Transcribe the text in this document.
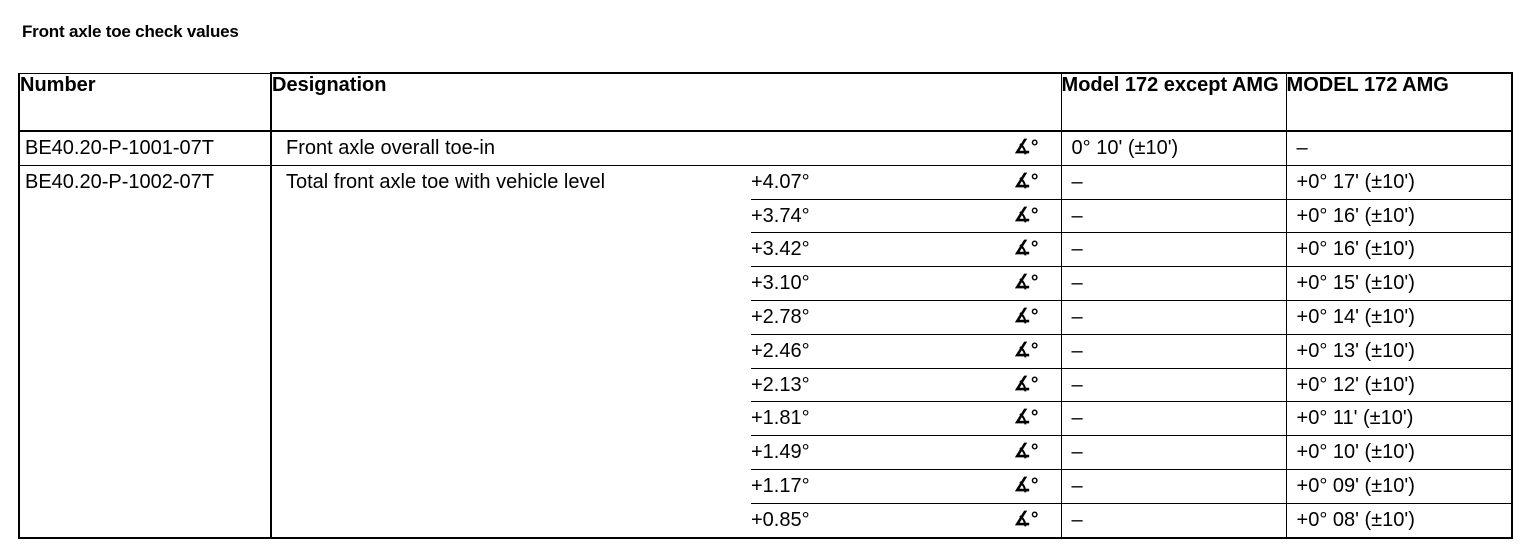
Front axle toe check values
Number	Designation			Model 172 except AMG	MODEL 172 AMG
BE40.20-P-1001-07T	Front axle overall toe-in		∡°	0° 10' (±10')	–
BE40.20-P-1002-07T	Total front axle toe with vehicle level	+4.07°	∡°	–	+0° 17' (±10')
		+3.74°	∡°	–	+0° 16' (±10')
		+3.42°	∡°	–	+0° 16' (±10')
		+3.10°	∡°	–	+0° 15' (±10')
		+2.78°	∡°	–	+0° 14' (±10')
		+2.46°	∡°	–	+0° 13' (±10')
		+2.13°	∡°	–	+0° 12' (±10')
		+1.81°	∡°	–	+0° 11' (±10')
		+1.49°	∡°	–	+0° 10' (±10')
		+1.17°	∡°	–	+0° 09' (±10')
		+0.85°	∡°	–	+0° 08' (±10')
